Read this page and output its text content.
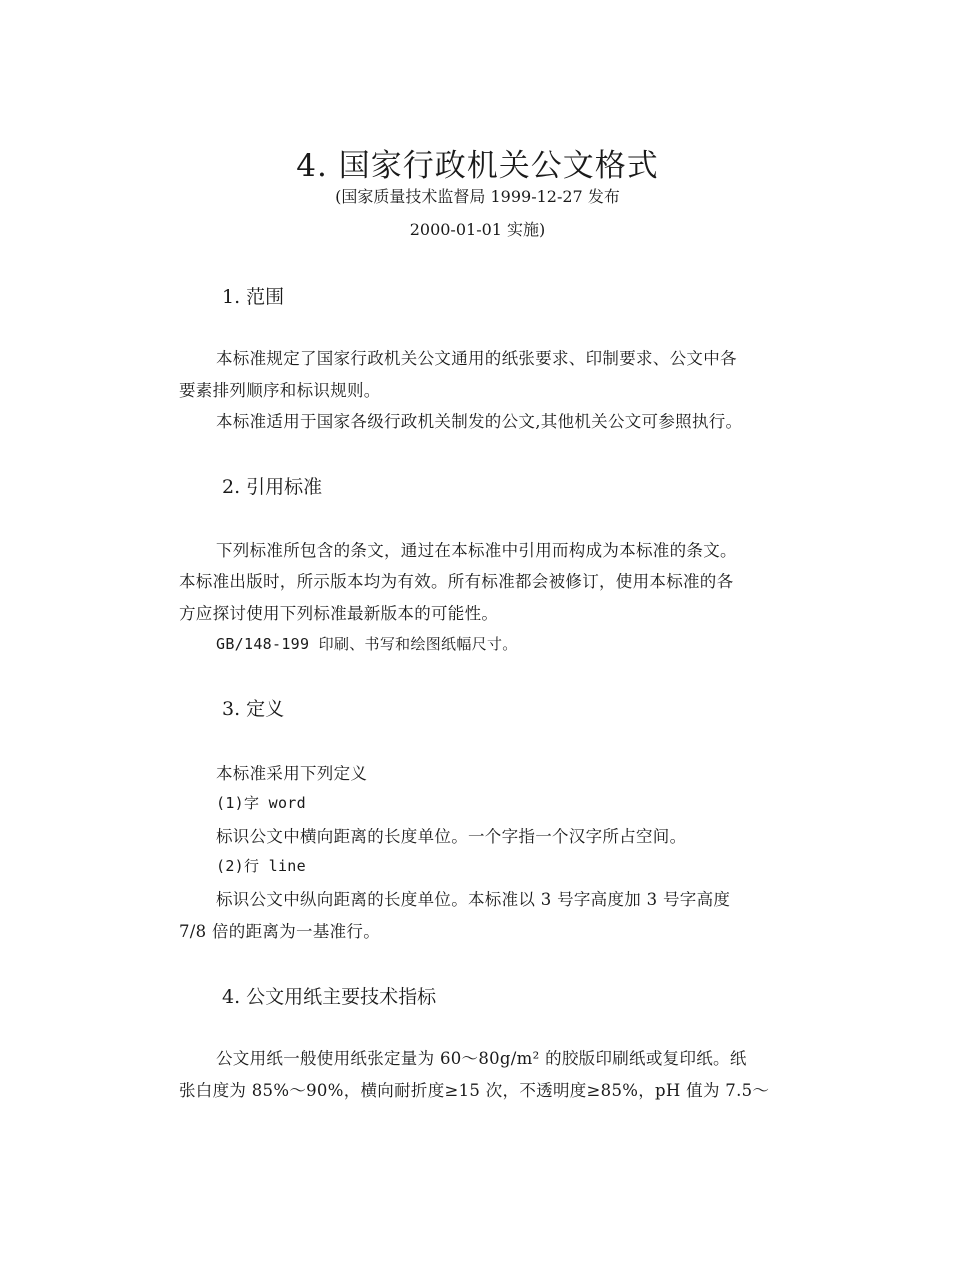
4. 国家行政机关公文格式
(国家质量技术监督局 1999-12-27 发布
2000-01-01 实施)
1. 范围
本标准规定了国家行政机关公文通用的纸张要求、印制要求、公文中各
要素排列顺序和标识规则。
本标准适用于国家各级行政机关制发的公文,其他机关公文可参照执行。
2. 引用标准
下列标准所包含的条文，通过在本标准中引用而构成为本标准的条文。
本标准出版时，所示版本均为有效。所有标准都会被修订，使用本标准的各
方应探讨使用下列标准最新版本的可能性。
GB/148-199 印刷、书写和绘图纸幅尺寸。
3. 定义
本标准采用下列定义
(1)字 word
标识公文中横向距离的长度单位。一个字指一个汉字所占空间。
(2)行 line
标识公文中纵向距离的长度单位。本标准以 3 号字高度加 3 号字高度
7/8 倍的距离为一基准行。
4. 公文用纸主要技术指标
公文用纸一般使用纸张定量为 60～80g/m² 的胶版印刷纸或复印纸。纸
张白度为 85%～90%，横向耐折度≥15 次，不透明度≥85%，pH 值为 7.5～
